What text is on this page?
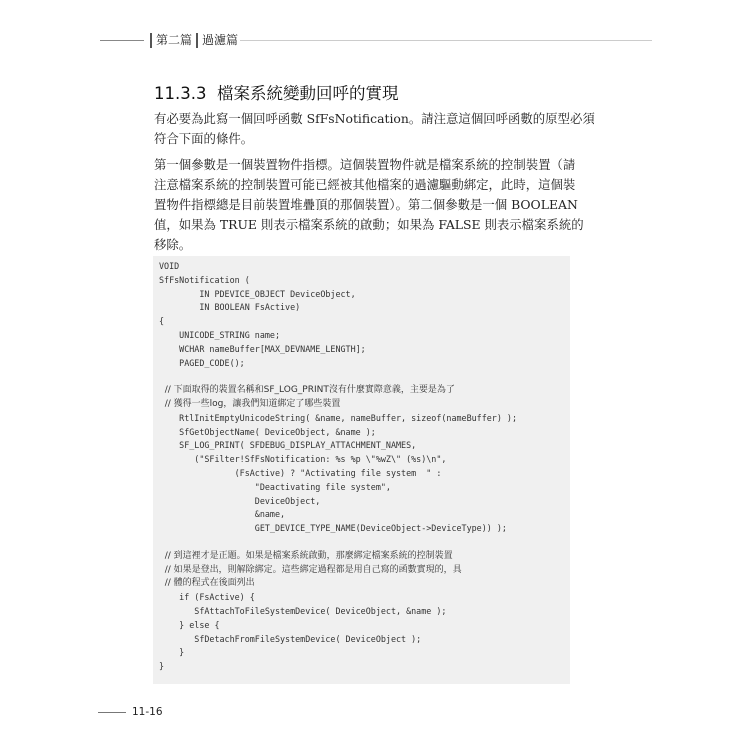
第二篇 過濾篇
11.3.3 檔案系統變動回呼的實現

有必要為此寫一個回呼函數 SfFsNotification。請注意這個回呼函數的原型必須
符合下面的條件。

第一個參數是一個裝置物件指標。這個裝置物件就是檔案系統的控制裝置（請
注意檔案系統的控制裝置可能已經被其他檔案的過濾驅動綁定，此時，這個裝
置物件指標總是目前裝置堆疊頂的那個裝置）。第二個參數是一個 BOOLEAN
值，如果為 TRUE 則表示檔案系統的啟動；如果為 FALSE 則表示檔案系統的
移除。

VOID
SfFsNotification (
IN PDEVICE_OBJECT DeviceObject,
IN BOOLEAN FsActive)
{
UNICODE_STRING name;
WCHAR nameBuffer[MAX_DEVNAME_LENGTH];
PAGED_CODE();
// 下面取得的裝置名稱和SF_LOG_PRINT沒有什麼實際意義，主要是為了
// 獲得一些log，讓我們知道綁定了哪些裝置
RtlInitEmptyUnicodeString( &name, nameBuffer, sizeof(nameBuffer) );
SfGetObjectName( DeviceObject, &name );
SF_LOG_PRINT( SFDEBUG_DISPLAY_ATTACHMENT_NAMES,
("SFilter!SfFsNotification: %s %p \"%wZ\" (%s)\n",
(FsActive) ? "Activating file system  " :
"Deactivating file system",
DeviceObject,
&name,
GET_DEVICE_TYPE_NAME(DeviceObject->DeviceType)) );
// 到這裡才是正題。如果是檔案系統啟動，那麼綁定檔案系統的控制裝置
// 如果是登出，則解除綁定。這些綁定過程都是用自己寫的函數實現的，具
// 體的程式在後面列出
if (FsActive) {
SfAttachToFileSystemDevice( DeviceObject, &name );
} else {
SfDetachFromFileSystemDevice( DeviceObject );
}
}
11-16
